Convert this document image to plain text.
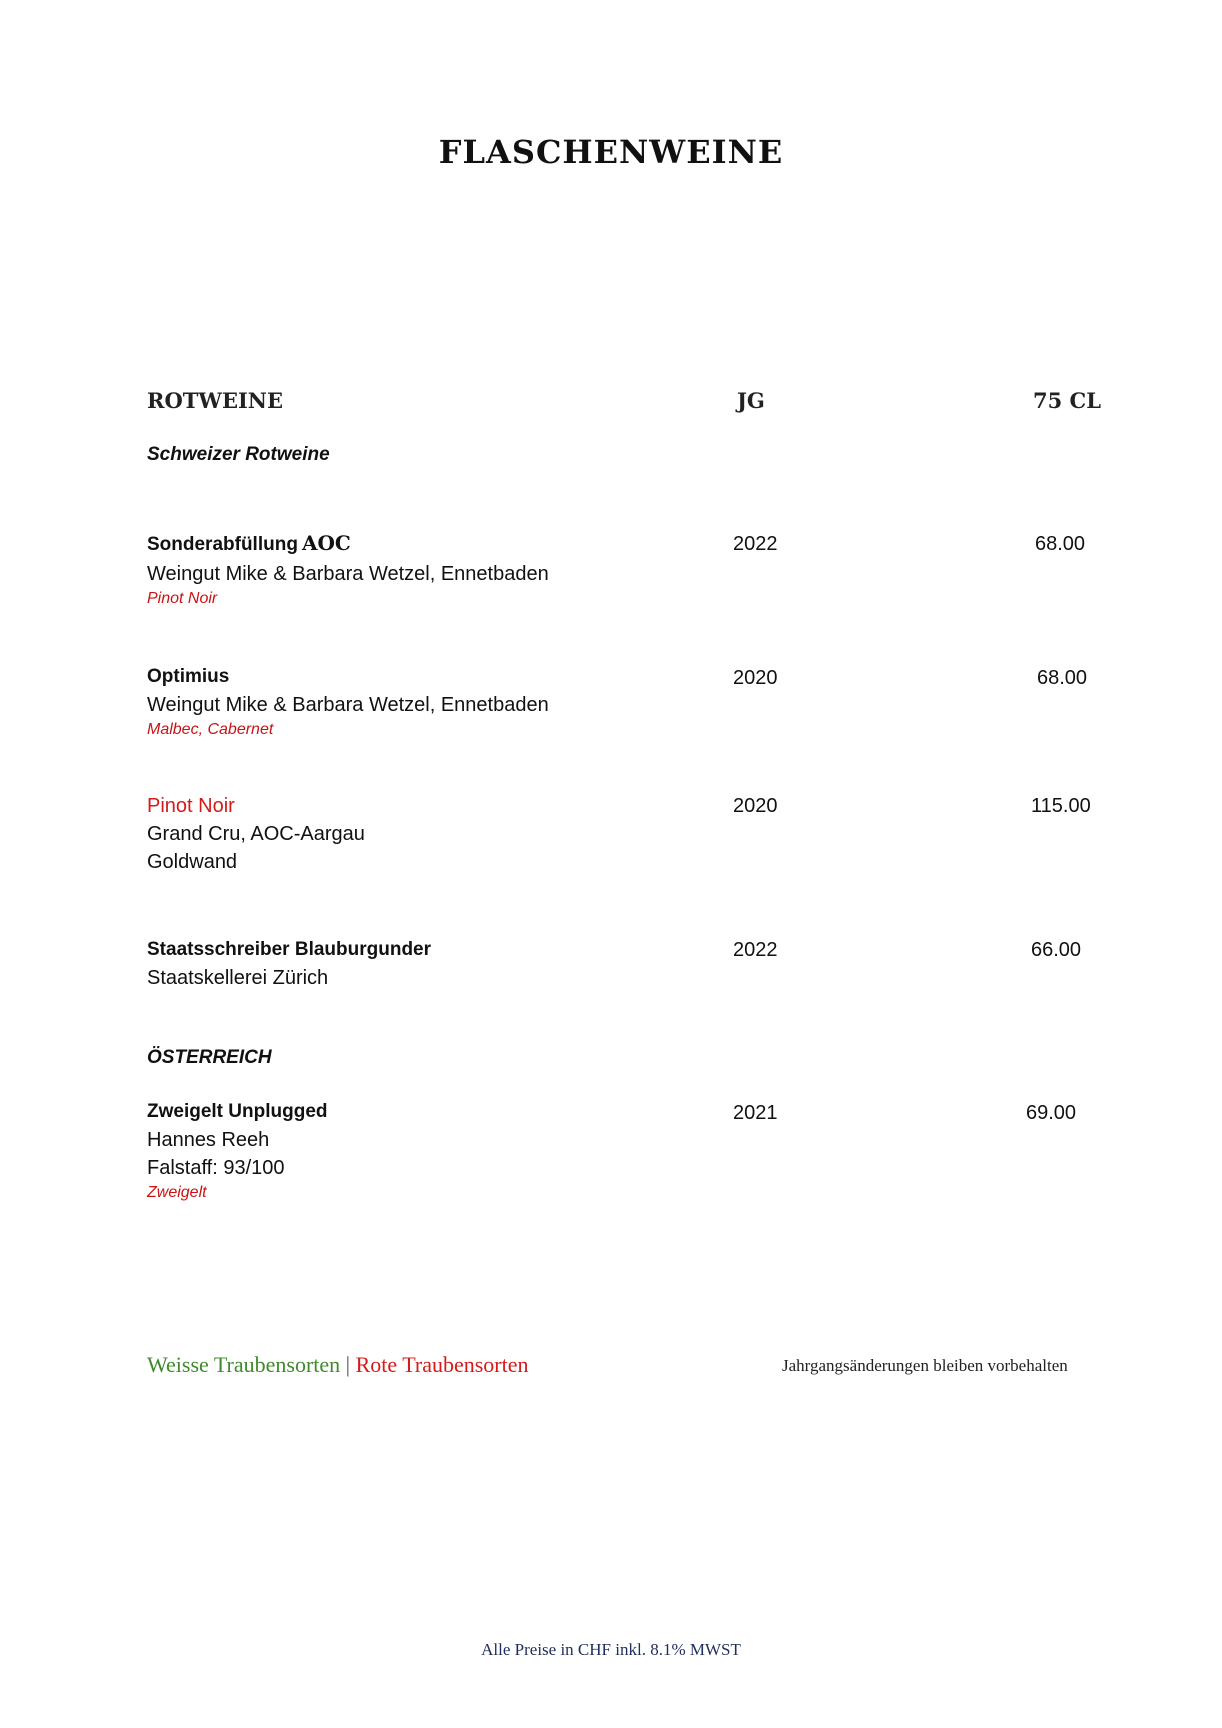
FLASCHENWEINE
ROTWEINE	JG	75 CL
Schweizer Rotweine
Sonderabfüllung AOC
Weingut Mike & Barbara Wetzel, Ennetbaden
Pinot Noir
2022	68.00
Optimius
Weingut Mike & Barbara Wetzel, Ennetbaden
Malbec, Cabernet
2020	68.00
Pinot Noir
Grand Cru, AOC-Aargau
Goldwand
2020	115.00
Staatsschreiber Blauburgunder
Staatskellerei Zürich
2022	66.00
ÖSTERREICH
Zweigelt Unplugged
Hannes Reeh
Falstaff: 93/100
Zweigelt
2021	69.00
Weisse Traubensorten | Rote Traubensorten	Jahrgangsänderungen bleiben vorbehalten
Alle Preise in CHF inkl. 8.1% MWST
